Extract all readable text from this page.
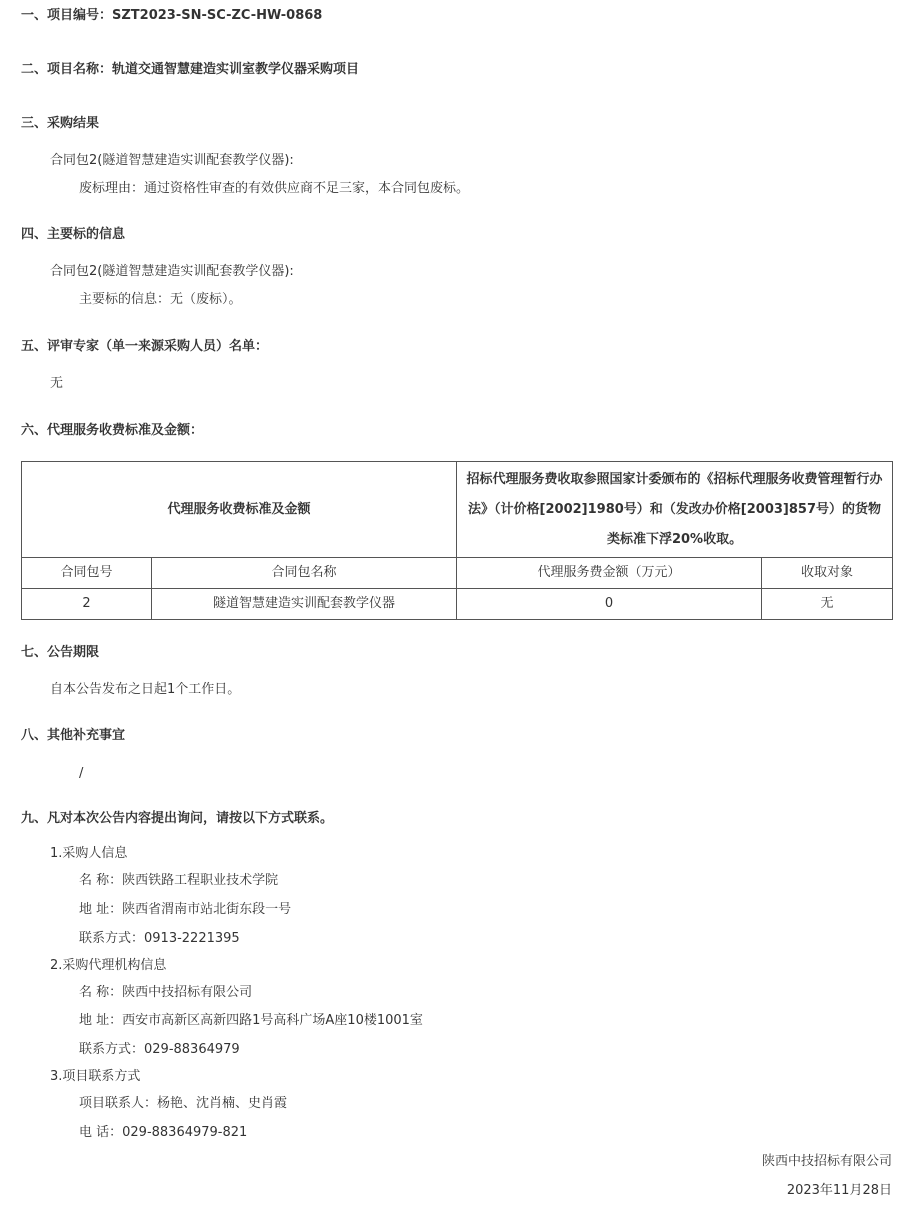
一、项目编号：SZT2023-SN-SC-ZC-HW-0868
二、项目名称：轨道交通智慧建造实训室教学仪器采购项目
三、采购结果
合同包2(隧道智慧建造实训配套教学仪器):
废标理由：通过资格性审查的有效供应商不足三家，本合同包废标。
四、主要标的信息
合同包2(隧道智慧建造实训配套教学仪器):
主要标的信息：无（废标）。
五、评审专家（单一来源采购人员）名单：
无
六、代理服务收费标准及金额：
代理服务收费标准及金额		招标代理服务费收取参照国家计委颁布的《招标代理服务收费管理暂行办法》（计价格[2002]1980号）和（发改办价格[2003]857号）的货物类标准下浮20%收取。	
合同包号	合同包名称	代理服务费金额（万元）	收取对象
2	隧道智慧建造实训配套教学仪器	0	无
七、公告期限
自本公告发布之日起1个工作日。
八、其他补充事宜
/
九、凡对本次公告内容提出询问，请按以下方式联系。
1.采购人信息
名 称：陕西铁路工程职业技术学院
地 址：陕西省渭南市站北街东段一号
联系方式：0913-2221395
2.采购代理机构信息
名 称：陕西中技招标有限公司
地 址：西安市高新区高新四路1号高科广场A座10楼1001室
联系方式：029-88364979
3.项目联系方式
项目联系人：杨艳、沈肖楠、史肖霞
电 话：029-88364979-821
陕西中技招标有限公司
2023年11月28日
